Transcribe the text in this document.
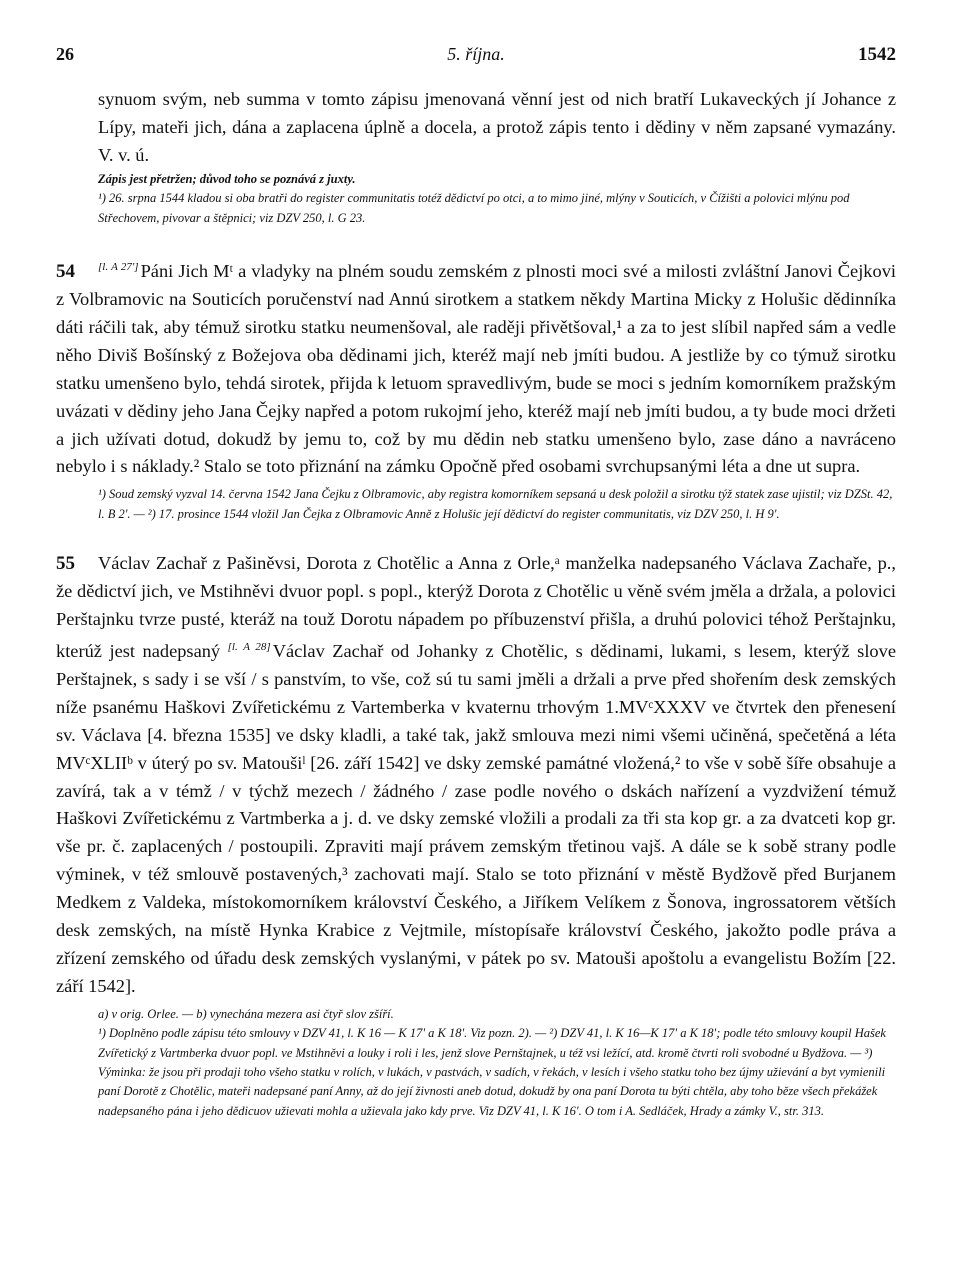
26	5. října.	1542

synuom svým, neb summa v tomto zápisu jmenovaná věnní jest od nich bratří Lukaveckých jí Johance z Lípy, mateři jich, dána a zaplacena úplně a docela, a protož zápis tento i dědiny v něm zapsané vymazány. V. v. ú.

Zápis jest přetržen; důvod toho se poznává z juxty.
¹) 26. srpna 1544 kladou si oba bratři do register communitatis totéž dědictví po otci, a to mimo jiné, mlýny v Souticích, v Čížišti a polovici mlýnu pod Střechovem, pivovar a štěpnici; viz DZV 250, l. G 23.

54 [l. A 27'] Páni Jich Mᵗ a vladyky na plném soudu zemském z plnosti moci své a milosti zvláštní Janovi Čejkovi z Volbramovic na Souticích poručenství nad Annú sirotkem a statkem někdy Martina Micky z Holušic dědinníka dáti ráčili tak, aby témuž sirotku statku neumenšoval, ale raději přivětšoval,¹ a za to jest slíbil napřed sám a vedle něho Diviš Bošínský z Božejova oba dědinami jich, kteréž mají neb jmíti budou. A jestliže by co týmuž sirotku statku umenšeno bylo, tehdá sirotek, přijda k letuom spravedlivým, bude se moci s jedním komorníkem pražským uvázati v dědiny jeho Jana Čejky napřed a potom rukojmí jeho, kteréž mají neb jmíti budou, a ty bude moci držeti a jich užívati dotud, dokudž by jemu to, což by mu dědin neb statku umenšeno bylo, zase dáno a navráceno nebylo i s náklady.² Stalo se toto přiznání na zámku Opočně před osobami svrchupsanými léta a dne ut supra.

¹) Soud zemský vyzval 14. června 1542 Jana Čejku z Olbramovic, aby registra komorníkem sepsaná u desk položil a sirotku týž statek zase ujistil; viz DZSt. 42, l. B 2'. — ²) 17. prosince 1544 vložil Jan Čejka z Olbramovic Anně z Holušic její dědictví do register communitatis, viz DZV 250, l. H 9'.

55 Václav Zachař z Pašiněvsi, Dorota z Chotělic a Anna z Orle,ᵃ manželka nadepsaného Václava Zachaře, p., že dědictví jich, ve Mstihněvi dvuor popl. s popl., kterýž Dorota z Chotělic u věně svém jměla a držala, a polovici Perštajnku tvrze pusté, kteráž na touž Dorotu nápadem po příbuzenství přišla, a druhú polovici téhož Perštajnku, kterúž jest nadepsaný [l. A 28] Václav Zachař od Johanky z Chotělic, s dědinami, lukami, s lesem, kterýž slove Perštajnek, s sady i se vší / s panstvím, to vše, což sú tu sami jměli a držali a prve před shořením desk zemských níže psanému Haškovi Zvířetickému z Vartemberka v kvaternu trhovým 1.MVᶜXXXV ve čtvrtek den přenesení sv. Václava [4. března 1535] ve dsky kladli, a také tak, jakž smlouva mezi nimi všemi učiněná, spečetěná a léta MVᶜXLIIᵇ v úterý po sv. Matoušiˡ [26. září 1542] ve dsky zemské památné vložená,² to vše v sobě šíře obsahuje a zavírá, tak a v témž / v týchž mezech / žádného / zase podle nového o dskách nařízení a vyzdvižení témuž Haškovi Zvířetickému z Vartmberka a j. d. ve dsky zemské vložili a prodali za tři sta kop gr. a za dvatceti kop gr. vše pr. č. zaplacených / postoupili. Zpraviti mají právem zemským třetinou vajš. A dále se k sobě strany podle výminek, v též smlouvě postavených,³ zachovati mají. Stalo se toto přiznání v městě Bydžově před Burjanem Medkem z Valdeka, místokomorníkem království Českého, a Jiříkem Velíkem z Šonova, ingrossatorem větších desk zemských, na místě Hynka Krabice z Vejtmile, místopísaře království Českého, jakožto podle práva a zřízení zemského od úřadu desk zemských vyslanými, v pátek po sv. Matouši apoštolu a evangelistu Božím [22. září 1542].

a) v orig. Orlee. — b) vynechána mezera asi čtyř slov zšíří.
¹) Doplněno podle zápisu této smlouvy v DZV 41, l. K 16 — K 17' a K 18'. Viz pozn. 2). — ²) DZV 41, l. K 16—K 17' a K 18'; podle této smlouvy koupil Hašek Zvířetický z Vartmberka dvuor popl. ve Mstihněvi a louky i roli i les, jenž slove Pernštajnek, u též vsi ležící, atd. kromě čtvrti roli svobodné u Bydžova. — ³) Výminka: že jsou při prodaji toho všeho statku v rolích, v lukách, v pastvách, v sadích, v řekách, v lesích i všeho statku toho bez újmy užievání a byt vymienili paní Dorotě z Chotělic, mateři nadepsané paní Anny, až do její živnosti aneb dotud, dokudž by ona paní Dorota tu býti chtěla, aby toho běze všech překážek nadepsaného pána i jeho dědicuov užievati mohla a užievala jako kdy prve. Viz DZV 41, l. K 16'. O tom i A. Sedláček, Hrady a zámky V., str. 313.
